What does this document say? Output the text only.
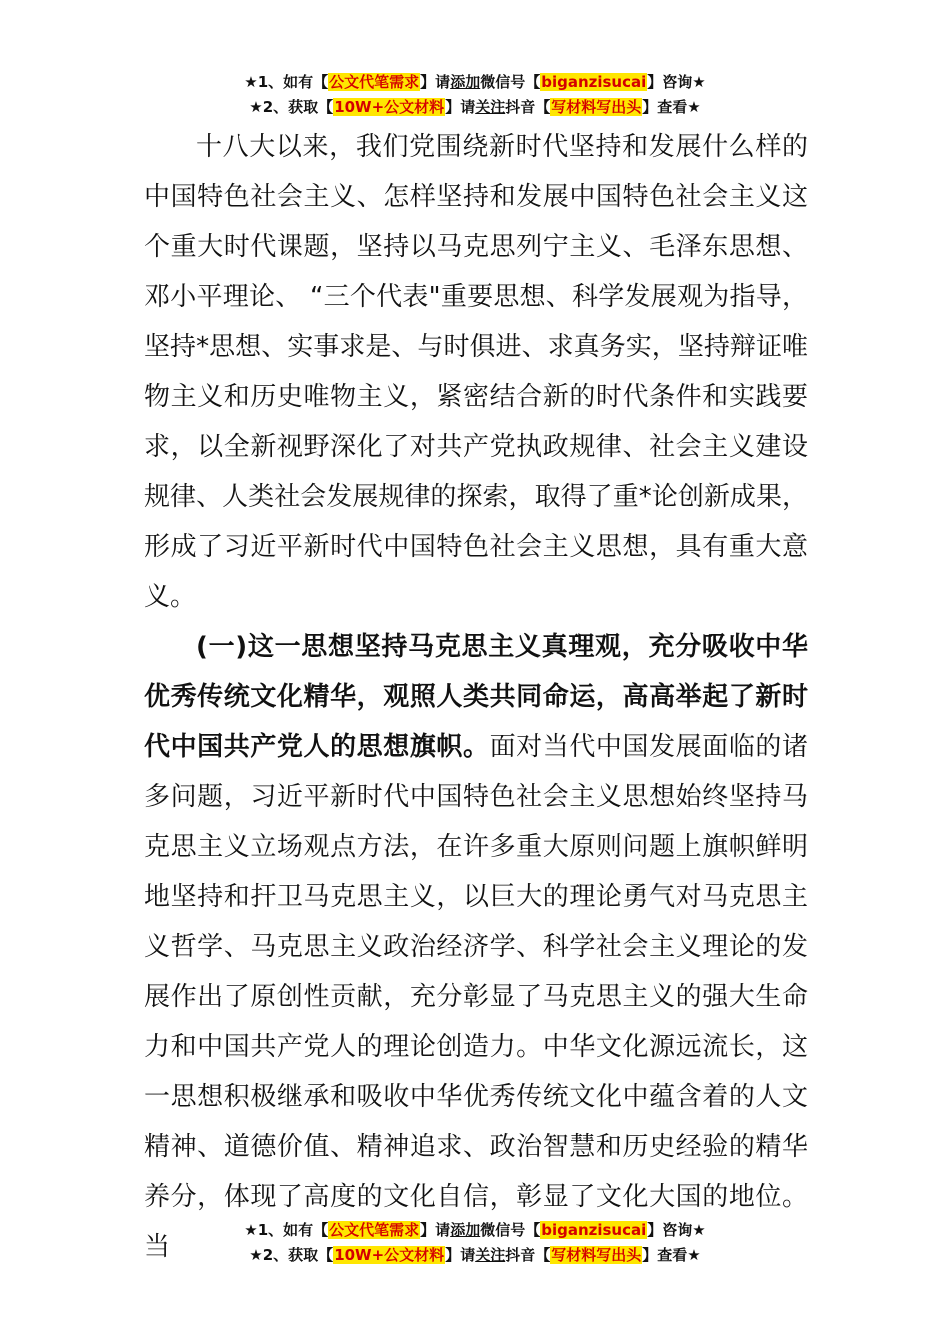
★1、如有【公文代笔需求】请添加微信号【biganzisucai】咨询★
★2、获取【10W+公文材料】请关注抖音【写材料写出头】查看★

十八大以来，我们党围绕新时代坚持和发展什么样的中国特色社会主义、怎样坚持和发展中国特色社会主义这个重大时代课题，坚持以马克思列宁主义、毛泽东思想、邓小平理论、 “三个代表"重要思想、科学发展观为指导，坚持*思想、实事求是、与时俱进、求真务实，坚持辩证唯物主义和历史唯物主义，紧密结合新的时代条件和实践要求，以全新视野深化了对共产党执政规律、社会主义建设规律、人类社会发展规律的探索，取得了重*论创新成果，形成了习近平新时代中国特色社会主义思想，具有重大意义。

(一)这一思想坚持马克思主义真理观，充分吸收中华优秀传统文化精华，观照人类共同命运，高高举起了新时代中国共产党人的思想旗帜。面对当代中国发展面临的诸多问题，习近平新时代中国特色社会主义思想始终坚持马克思主义立场观点方法，在许多重大原则问题上旗帜鲜明地坚持和扞卫马克思主义，以巨大的理论勇气对马克思主义哲学、马克思主义政治经济学、科学社会主义理论的发展作出了原创性贡献，充分彰显了马克思主义的强大生命力和中国共产党人的理论创造力。中华文化源远流长，这一思想积极继承和吸收中华优秀传统文化中蕴含着的人文精神、道德价值、精神追求、政治智慧和历史经验的精华养分，体现了高度的文化自信，彰显了文化大国的地位。当

★1、如有【公文代笔需求】请添加微信号【biganzisucai】咨询★
★2、获取【10W+公文材料】请关注抖音【写材料写出头】查看★
